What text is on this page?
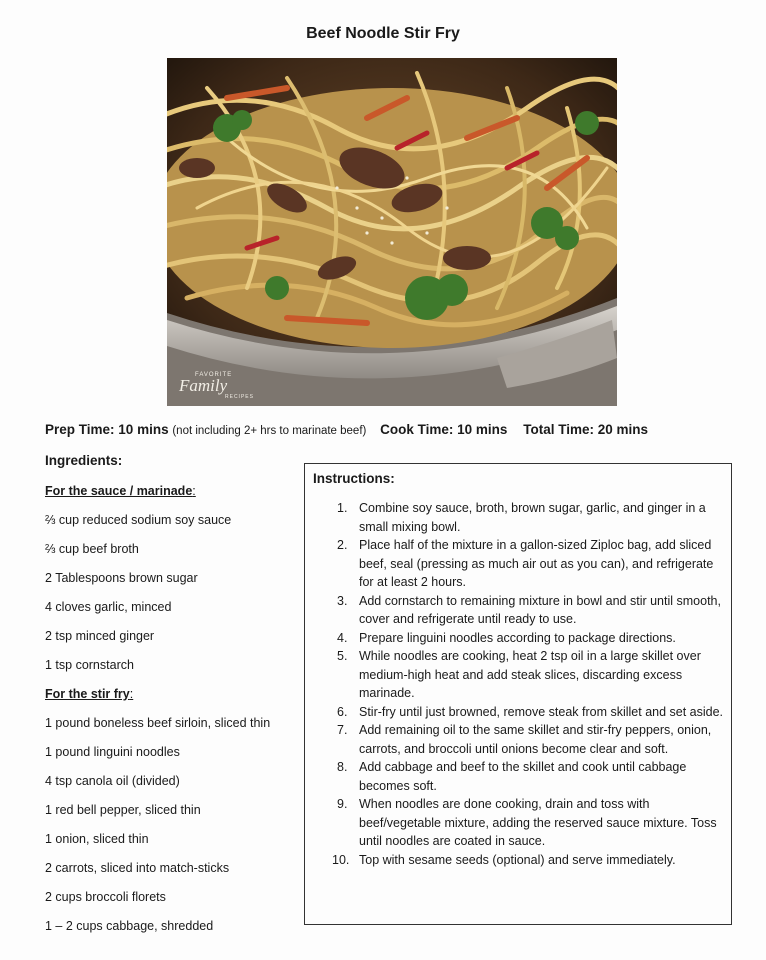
Beef Noodle Stir Fry
FAVORITE
Family
RECIPES
Prep Time: 10 mins (not including 2+ hrs to marinate beef) Cook Time: 10 mins Total Time: 20 mins
Ingredients:
For the sauce / marinade:
⅔ cup reduced sodium soy sauce
⅔ cup beef broth
2 Tablespoons brown sugar
4 cloves garlic, minced
2 tsp minced ginger
1 tsp cornstarch
For the stir fry:
1 pound boneless beef sirloin, sliced thin
1 pound linguini noodles
4 tsp canola oil (divided)
1 red bell pepper, sliced thin
1 onion, sliced thin
2 carrots, sliced into match-sticks
2 cups broccoli florets
1 – 2 cups cabbage, shredded
Instructions:
1. Combine soy sauce, broth, brown sugar, garlic, and ginger in a small mixing bowl.
2. Place half of the mixture in a gallon-sized Ziploc bag, add sliced beef, seal (pressing as much air out as you can), and refrigerate for at least 2 hours.
3. Add cornstarch to remaining mixture in bowl and stir until smooth, cover and refrigerate until ready to use.
4. Prepare linguini noodles according to package directions.
5. While noodles are cooking, heat 2 tsp oil in a large skillet over medium-high heat and add steak slices, discarding excess marinade.
6. Stir-fry until just browned, remove steak from skillet and set aside.
7. Add remaining oil to the same skillet and stir-fry peppers, onion, carrots, and broccoli until onions become clear and soft.
8. Add cabbage and beef to the skillet and cook until cabbage becomes soft.
9. When noodles are done cooking, drain and toss with beef/vegetable mixture, adding the reserved sauce mixture. Toss until noodles are coated in sauce.
10. Top with sesame seeds (optional) and serve immediately.
